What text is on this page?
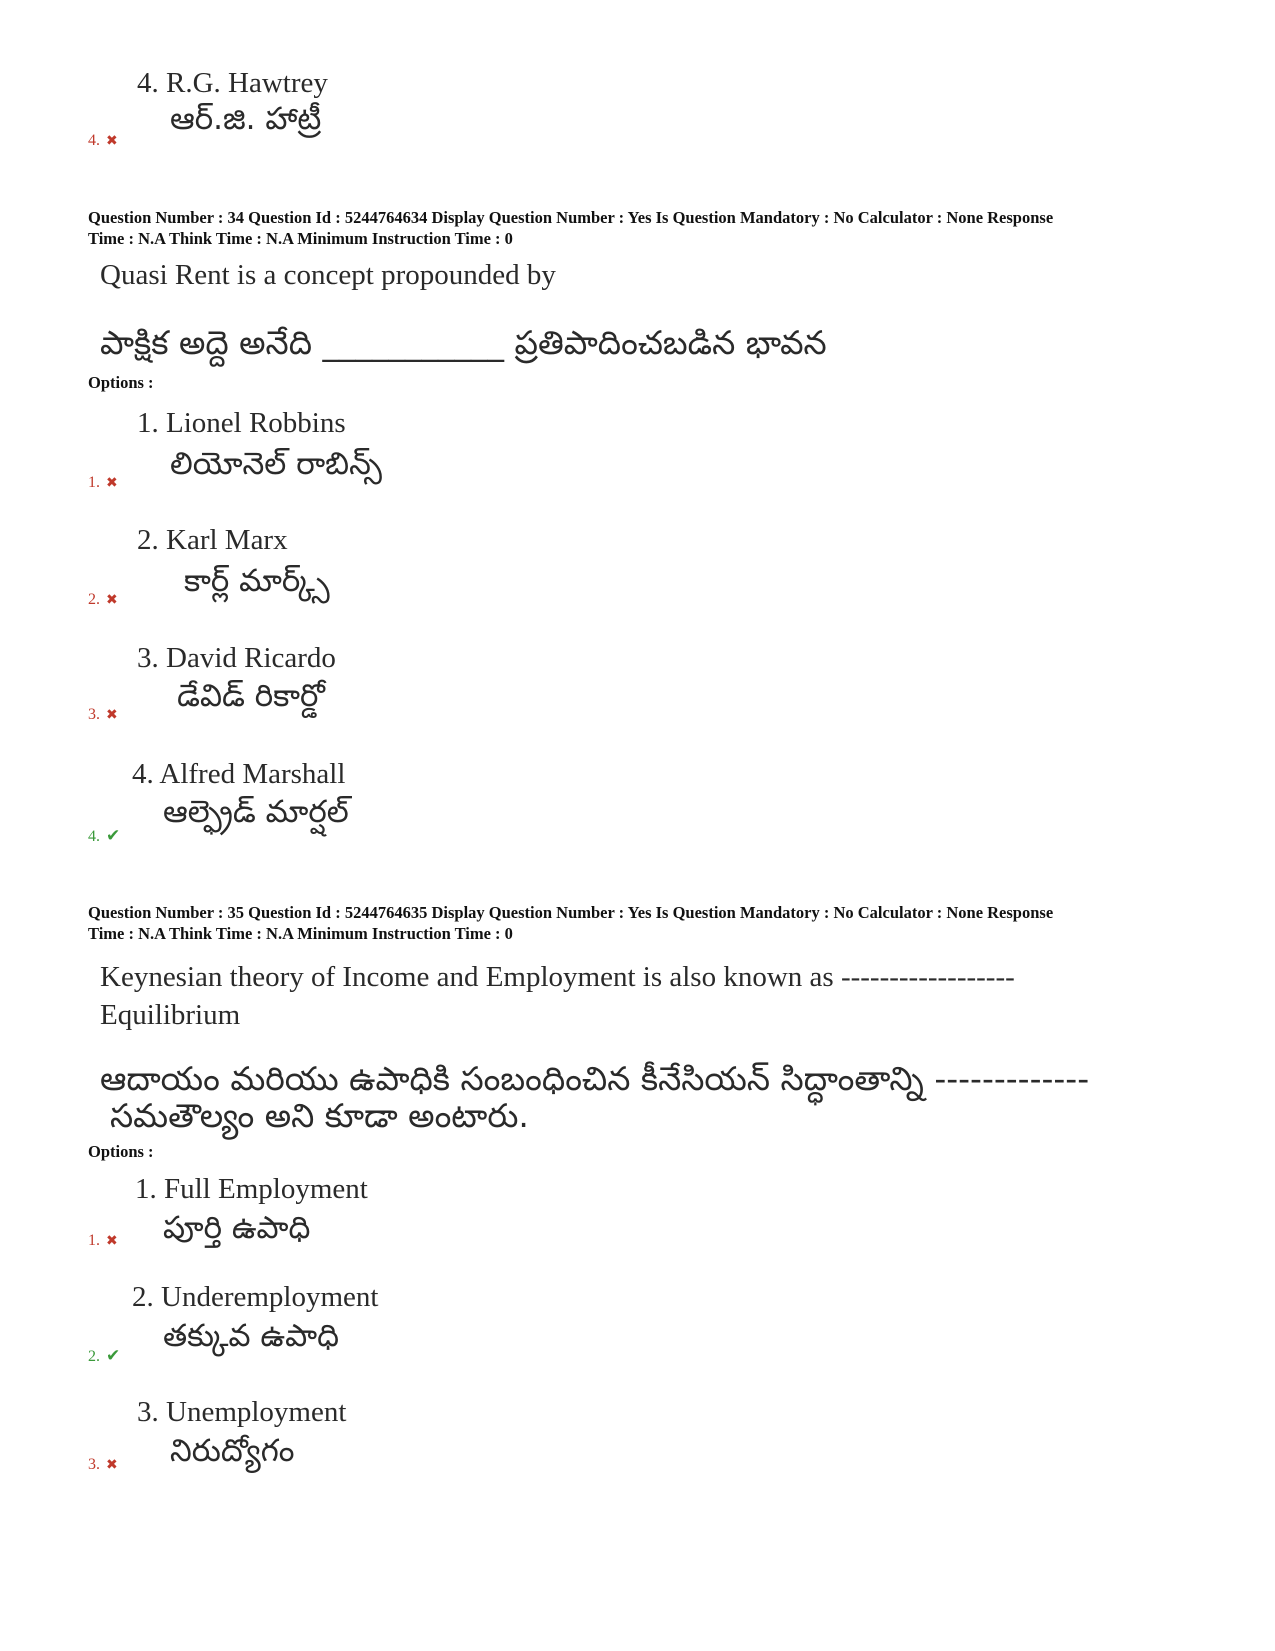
4. R.G. Hawtrey
ఆర్.జి. హాట్రీ
4. ✖
Question Number : 34 Question Id : 5244764634 Display Question Number : Yes Is Question Mandatory : No Calculator : None Response
Time : N.A Think Time : N.A Minimum Instruction Time : 0
Quasi Rent is a concept propounded by
పాక్షిక అద్దె అనేది ___________ ప్రతిపాదించబడిన భావన
Options :
1. Lionel Robbins
లియోనెల్ రాబిన్స్
1. ✖
2. Karl Marx
కార్ల్ మార్క్స్
2. ✖
3. David Ricardo
డేవిడ్ రికార్డో
3. ✖
4. Alfred Marshall
ఆల్ఫ్రెడ్ మార్షల్
4. ✔
Question Number : 35 Question Id : 5244764635 Display Question Number : Yes Is Question Mandatory : No Calculator : None Response
Time : N.A Think Time : N.A Minimum Instruction Time : 0
Keynesian theory of Income and Employment is also known as ------------------
Equilibrium
ఆదాయం మరియు ఉపాధికి సంబంధించిన కీనేసియన్ సిద్ధాంతాన్ని -------------
సమతౌల్యం అని కూడా అంటారు.
Options :
1. Full Employment
పూర్తి ఉపాధి
1. ✖
2. Underemployment
తక్కువ ఉపాధి
2. ✔
3. Unemployment
నిరుద్యోగం
3. ✖
